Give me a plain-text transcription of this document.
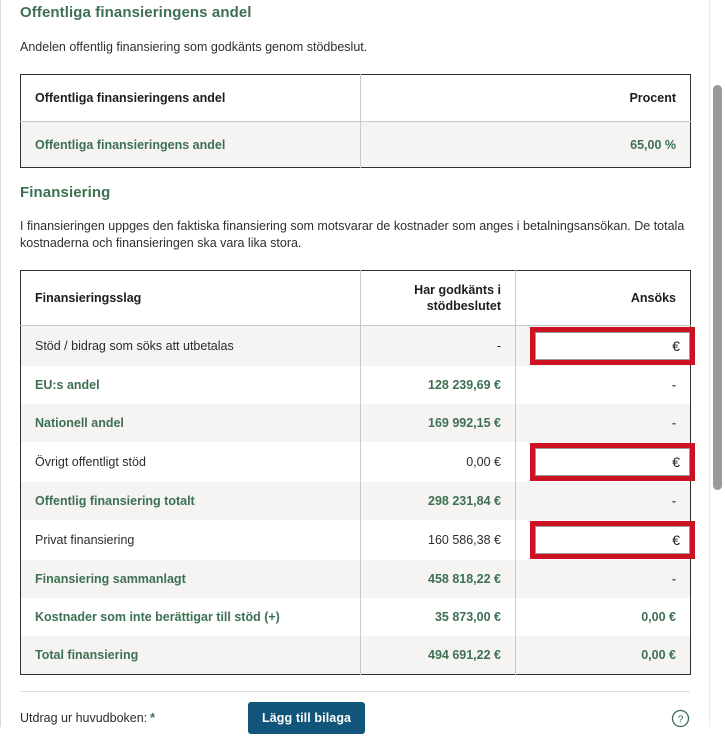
Offentliga finansieringens andel

Andelen offentlig finansiering som godkänts genom stödbeslut.

Offentliga finansieringens andel	Procent
Offentliga finansieringens andel	65,00 %
Finansiering

I finansieringen uppges den faktiska finansiering som motsvarar de kostnader som anges i betalningsansökan. De totala kostnaderna och finansieringen ska vara lika stora.

Finansieringsslag	Har godkänts i stödbeslutet	Ansöks
Stöd / bidrag som söks att utbetalas	-	€

EU:s andel	128 239,69 €	-
Nationell andel	169 992,15 €	-
Övrigt offentligt stöd	0,00 €	€

Offentlig finansiering totalt	298 231,84 €	-
Privat finansiering	160 586,38 €	€

Finansiering sammanlagt	458 818,22 €	-
Kostnader som inte berättigar till stöd (+)	35 873,00 €	0,00 €
Total finansiering	494 691,22 €	0,00 €
Utdrag ur huvudboken: *	Lägg till bilaga	?
